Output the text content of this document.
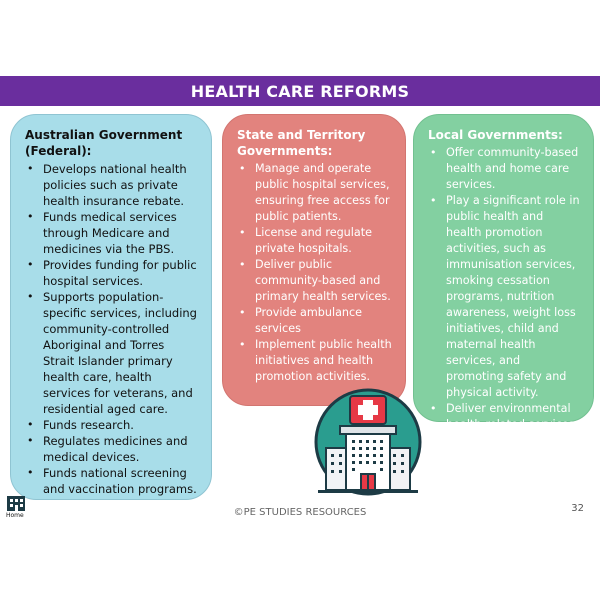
HEALTH CARE REFORMS
Australian Government (Federal):
• Develops national health policies such as private health insurance rebate.
• Funds medical services through Medicare and medicines via the PBS.
• Provides funding for public hospital services.
• Supports population-specific services, including community-controlled Aboriginal and Torres Strait Islander primary health care, health services for veterans, and residential aged care.
• Funds research.
• Regulates medicines and medical devices.
• Funds national screening and vaccination programs.
State and Territory Governments:
• Manage and operate public hospital services, ensuring free access for public patients.
• License and regulate private hospitals.
• Deliver public community-based and primary health services.
• Provide ambulance services
• Implement public health initiatives and health promotion activities.
Local Governments:
• Offer community-based health and home care services.
• Play a significant role in public health and health promotion activities, such as immunisation services, smoking cessation programs, nutrition awareness, weight loss initiatives, child and maternal health services, and promoting safety and physical activity.
• Deliver environmental health-related services.
Home	©PE STUDIES RESOURCES	32
